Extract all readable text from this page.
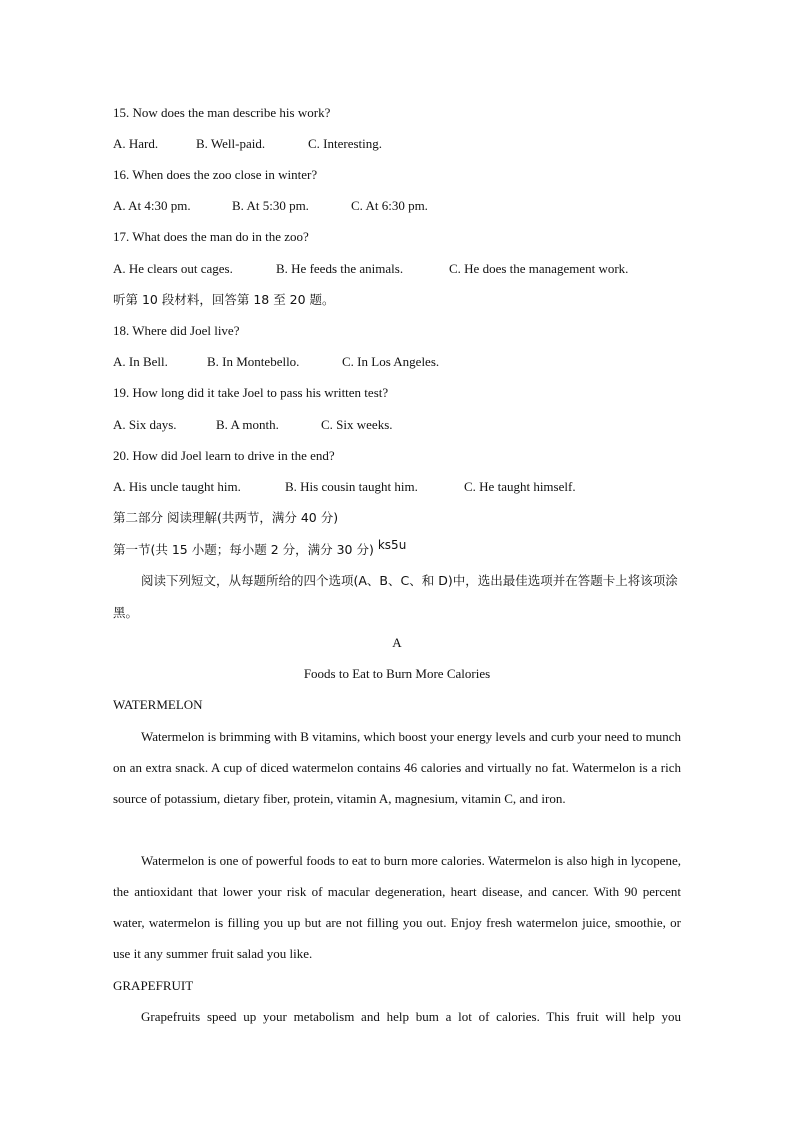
15. Now does the man describe his work?
A. Hard.	B. Well-paid.	C. Interesting.
16. When does the zoo close in winter?
A. At 4:30 pm.	B. At 5:30 pm.	C. At 6:30 pm.
17. What does the man do in the zoo?
A. He clears out cages.	B. He feeds the animals.	C. He does the management work.
听第 10 段材料，回答第 18 至 20 题。
18. Where did Joel live?
A. In Bell.	B. In Montebello.	C. In Los Angeles.
19. How long did it take Joel to pass his written test?
A. Six days.	B. A month.	C. Six weeks.
20. How did Joel learn to drive in the end?
A. His uncle taught him.	B. His cousin taught him.	C. He taught himself.
第二部分 阅读理解(共两节，满分 40 分)
第一节(共 15 小题；每小题 2 分，满分 30 分) ks5u
阅读下列短文，从每题所给的四个选项(A、B、C、和 D)中，选出最佳选项并在答题卡上将该项涂黑。
A
Foods to Eat to Burn More Calories
WATERMELON
Watermelon is brimming with B vitamins, which boost your energy levels and curb your need to munch on an extra snack. A cup of diced watermelon contains 46 calories and virtually no fat. Watermelon is a rich source of potassium, dietary fiber, protein, vitamin A, magnesium, vitamin C, and iron.
Watermelon is one of powerful foods to eat to burn more calories. Watermelon is also high in lycopene, the antioxidant that lower your risk of macular degeneration, heart disease, and cancer. With 90 percent water, watermelon is filling you up but are not filling you out. Enjoy fresh watermelon juice, smoothie, or use it any summer fruit salad you like.
GRAPEFRUIT
Grapefruits speed up your metabolism and help bum a lot of calories. This fruit will help you
